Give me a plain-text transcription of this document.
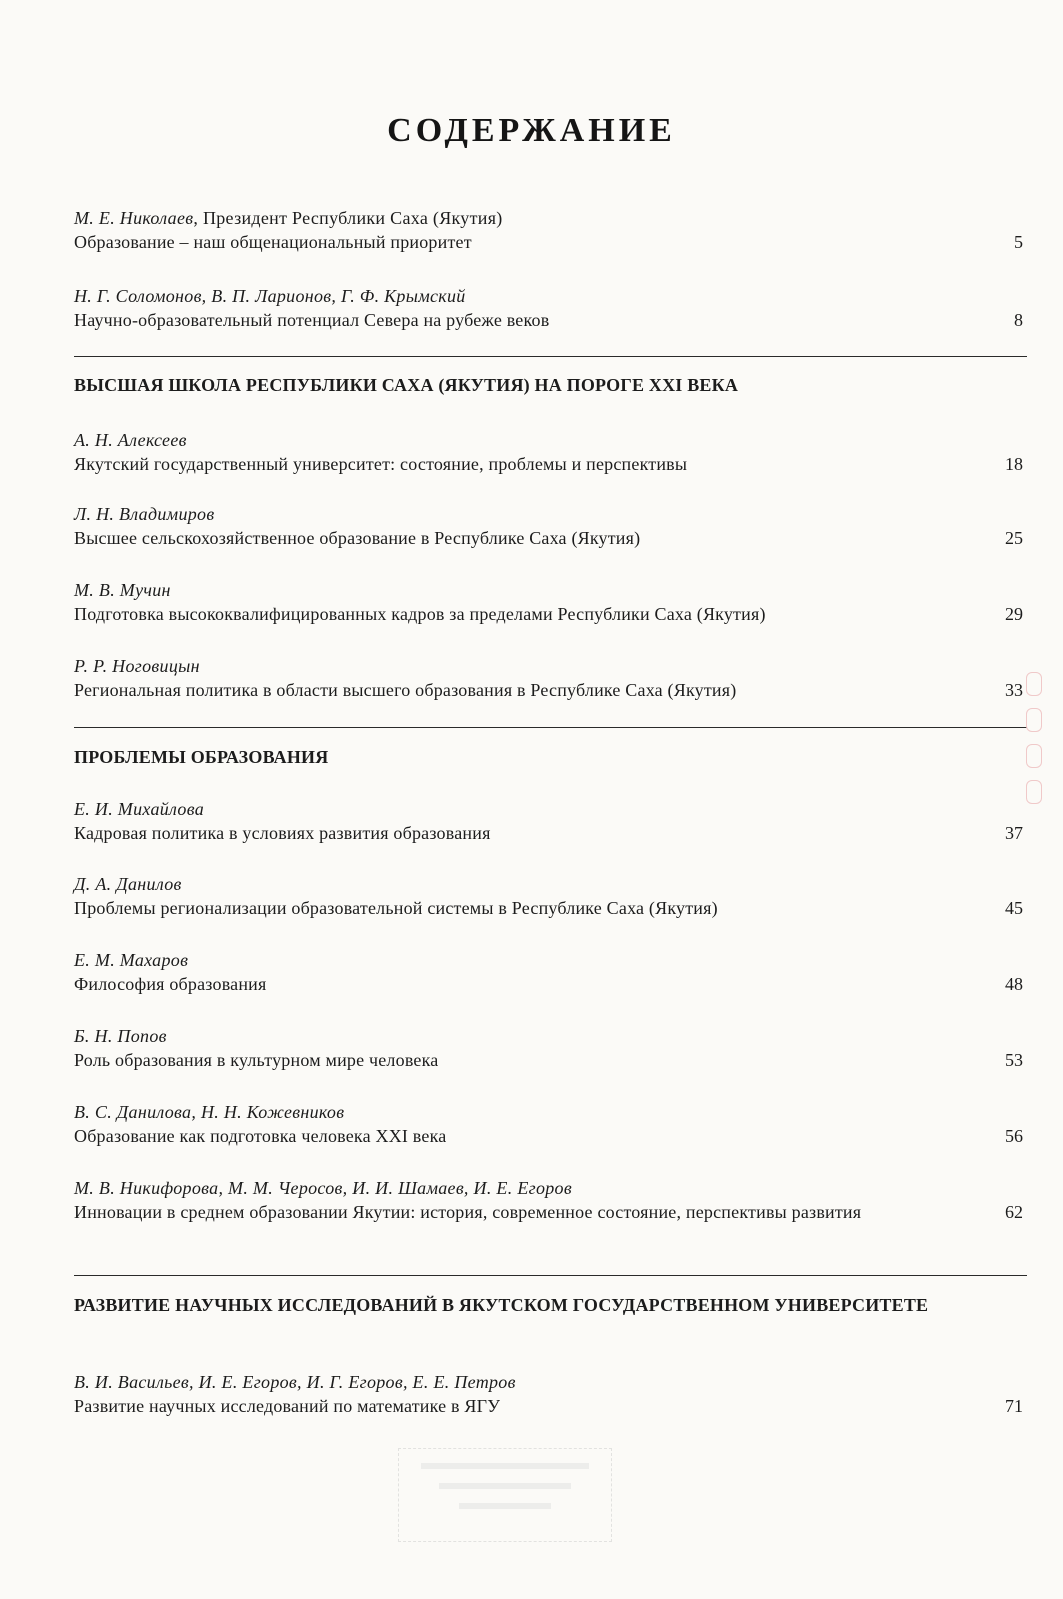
СОДЕРЖАНИЕ
М. Е. Николаев, Президент Республики Саха (Якутия)
Образование – наш общенациональный приоритет	5
Н. Г. Соломонов, В. П. Ларионов, Г. Ф. Крымский
Научно-образовательный потенциал Севера на рубеже веков	8
ВЫСШАЯ ШКОЛА РЕСПУБЛИКИ САХА (ЯКУТИЯ) НА ПОРОГЕ XXI ВЕКА
А. Н. Алексеев
Якутский государственный университет: состояние, проблемы и перспективы	18
Л. Н. Владимиров
Высшее сельскохозяйственное образование в Республике Саха (Якутия)	25
М. В. Мучин
Подготовка высококвалифицированных кадров за пределами Республики Саха (Якутия)	29
Р. Р. Ноговицын
Региональная политика в области высшего образования в Республике Саха (Якутия)	33
ПРОБЛЕМЫ ОБРАЗОВАНИЯ
Е. И. Михайлова
Кадровая политика в условиях развития образования	37
Д. А. Данилов
Проблемы регионализации образовательной системы в Республике Саха (Якутия)	45
Е. М. Махаров
Философия образования	48
Б. Н. Попов
Роль образования в культурном мире человека	53
В. С. Данилова, Н. Н. Кожевников
Образование как подготовка человека XXI века	56
М. В. Никифорова, М. М. Черосов, И. И. Шамаев, И. Е. Егоров
Инновации в среднем образовании Якутии: история, современное состояние, перспективы развития	62
РАЗВИТИЕ НАУЧНЫХ ИССЛЕДОВАНИЙ В ЯКУТСКОМ ГОСУДАРСТВЕННОМ УНИВЕРСИТЕТЕ
В. И. Васильев, И. Е. Егоров, И. Г. Егоров, Е. Е. Петров
Развитие научных исследований по математике в ЯГУ	71
